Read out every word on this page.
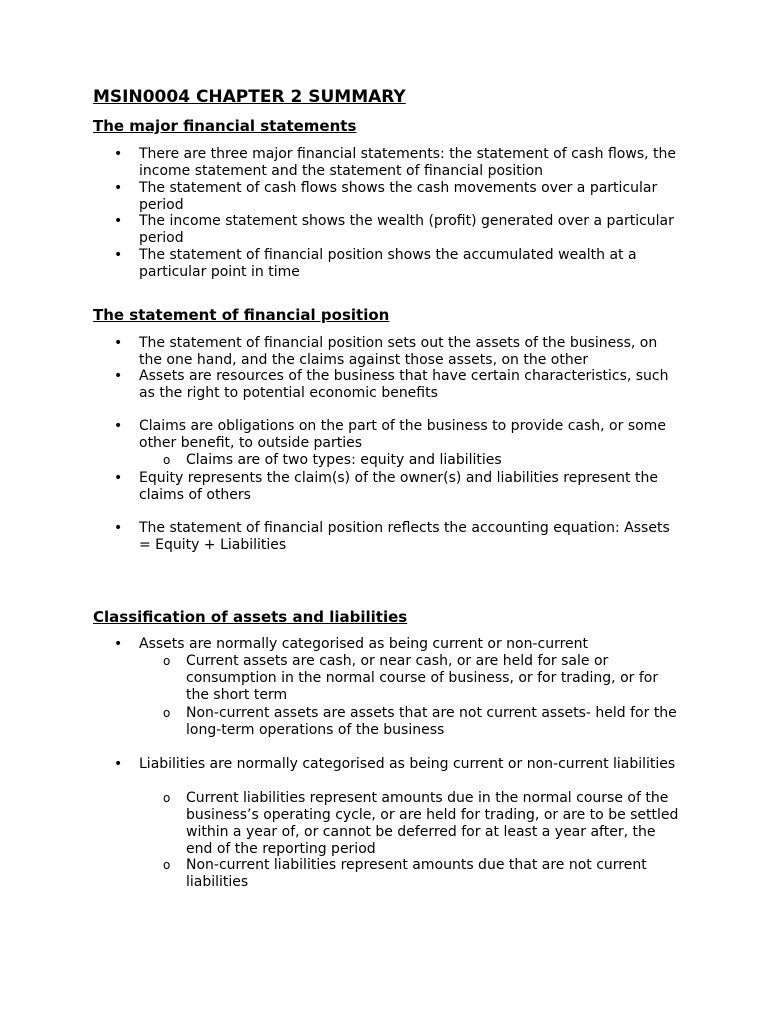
MSIN0004 CHAPTER 2 SUMMARY
The major financial statements

• There are three major financial statements: the statement of cash flows, the income statement and the statement of financial position

• The statement of cash flows shows the cash movements over a particular period

• The income statement shows the wealth (profit) generated over a particular period

• The statement of financial position shows the accumulated wealth at a particular point in time

The statement of financial position

• The statement of financial position sets out the assets of the business, on the one hand, and the claims against those assets, on the other

• Assets are resources of the business that have certain characteristics, such as the right to potential economic benefits

• Claims are obligations on the part of the business to provide cash, or some other benefit, to outside parties

o Claims are of two types: equity and liabilities

• Equity represents the claim(s) of the owner(s) and liabilities represent the claims of others

• The statement of financial position reflects the accounting equation: Assets = Equity + Liabilities

Classification of assets and liabilities

• Assets are normally categorised as being current or non-current

o Current assets are cash, or near cash, or are held for sale or consumption in the normal course of business, or for trading, or for the short term

o Non-current assets are assets that are not current assets- held for the long-term operations of the business

• Liabilities are normally categorised as being current or non-current liabilities

o Current liabilities represent amounts due in the normal course of the business’s operating cycle, or are held for trading, or are to be settled within a year of, or cannot be deferred for at least a year after, the end of the reporting period

o Non-current liabilities represent amounts due that are not current liabilities
